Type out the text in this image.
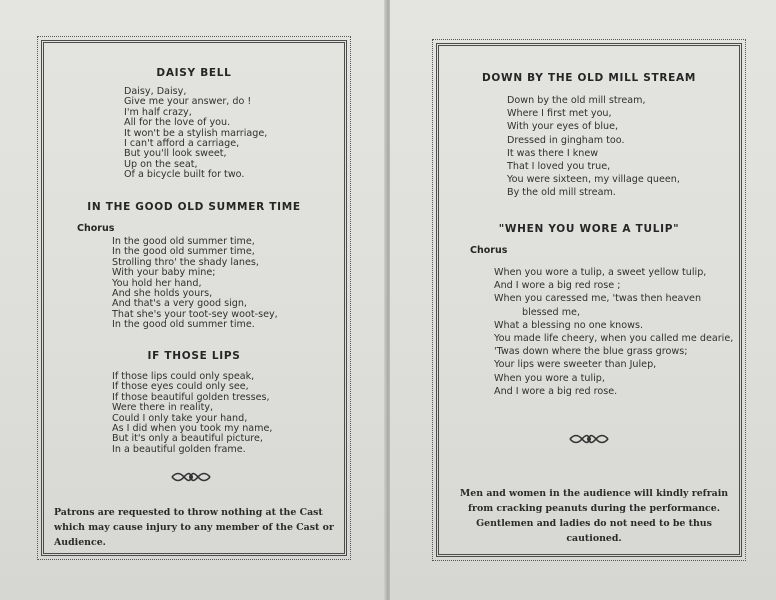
DAISY BELL
Daisy, Daisy,
Give me your answer, do !
I'm half crazy,
All for the love of you.
It won't be a stylish marriage,
I can't afford a carriage,
But you'll look sweet,
Up on the seat,
Of a bicycle built for two.
IN THE GOOD OLD SUMMER TIME
Chorus
In the good old summer time,
In the good old summer time,
Strolling thro' the shady lanes,
With your baby mine;
You hold her hand,
And she holds yours,
And that's a very good sign,
That she's your toot-sey woot-sey,
In the good old summer time.
IF THOSE LIPS
If those lips could only speak,
If those eyes could only see,
If those beautiful golden tresses,
Were there in reality,
Could I only take your hand,
As I did when you took my name,
But it's only a beautiful picture,
In a beautiful golden frame.
Patrons are requested to throw nothing at the Cast which may cause injury to any member of the Cast or Audience.
DOWN BY THE OLD MILL STREAM
Down by the old mill stream,
Where I first met you,
With your eyes of blue,
Dressed in gingham too.
It was there I knew
That I loved you true,
You were sixteen, my village queen,
By the old mill stream.
"WHEN YOU WORE A TULIP"
Chorus
When you wore a tulip, a sweet yellow tulip,
And I wore a big red rose ;
When you caressed me, 'twas then heaven
blessed me,
What a blessing no one knows.
You made life cheery, when you called me dearie,
'Twas down where the blue grass grows;
Your lips were sweeter than Julep,
When you wore a tulip,
And I wore a big red rose.
Men and women in the audience will kindly refrain from cracking peanuts during the performance. Gentlemen and ladies do not need to be thus cautioned.
